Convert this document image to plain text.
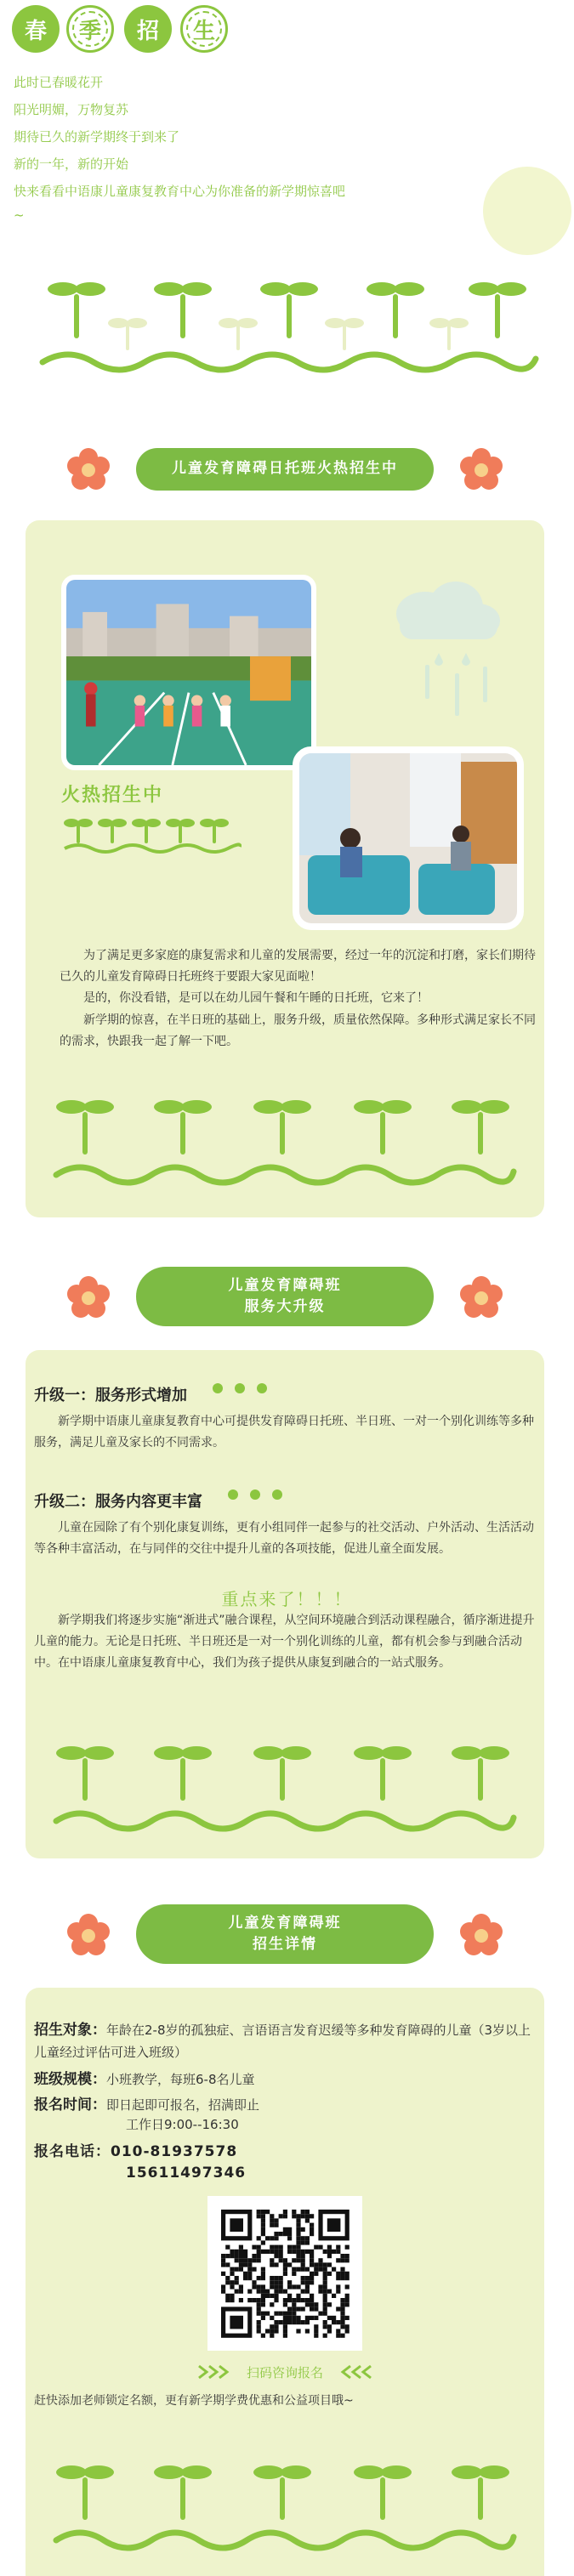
春	季	招	生
此时已春暖花开
阳光明媚，万物复苏
期待已久的新学期终于到来了
新的一年，新的开始
快来看看中语康儿童康复教育中心为你准备的新学期惊喜吧
~
儿童发育障碍日托班火热招生中
火热招生中
为了满足更多家庭的康复需求和儿童的发展需要，经过一年的沉淀和打磨，家长们期待已久的儿童发育障碍日托班终于要跟大家见面啦！
是的，你没看错，是可以在幼儿园午餐和午睡的日托班，它来了！
新学期的惊喜，在半日班的基础上，服务升级，质量依然保障。多种形式满足家长不同的需求，快跟我一起了解一下吧。
儿童发育障碍班
服务大升级
升级一：服务形式增加
新学期中语康儿童康复教育中心可提供发育障碍日托班、半日班、一对一个别化训练等多种服务，满足儿童及家长的不同需求。
升级二：服务内容更丰富
儿童在园除了有个别化康复训练，更有小组同伴一起参与的社交活动、户外活动、生活活动等各种丰富活动，在与同伴的交往中提升儿童的各项技能，促进儿童全面发展。
重点来了！！！
新学期我们将逐步实施“渐进式”融合课程，从空间环境融合到活动课程融合，循序渐进提升儿童的能力。无论是日托班、半日班还是一对一个别化训练的儿童，都有机会参与到融合活动中。在中语康儿童康复教育中心，我们为孩子提供从康复到融合的一站式服务。
儿童发育障碍班
招生详情
招生对象：年龄在2-8岁的孤独症、言语语言发育迟缓等多种发育障碍的儿童（3岁以上儿童经过评估可进入班级）
班级规模：小班教学，每班6-8名儿童
报名时间：即日起即可报名，招满即止
工作日9:00--16:30
报名电话：010-81937578
15611497346
扫码咨询报名
赶快添加老师锁定名额，更有新学期学费优惠和公益项目哦~
